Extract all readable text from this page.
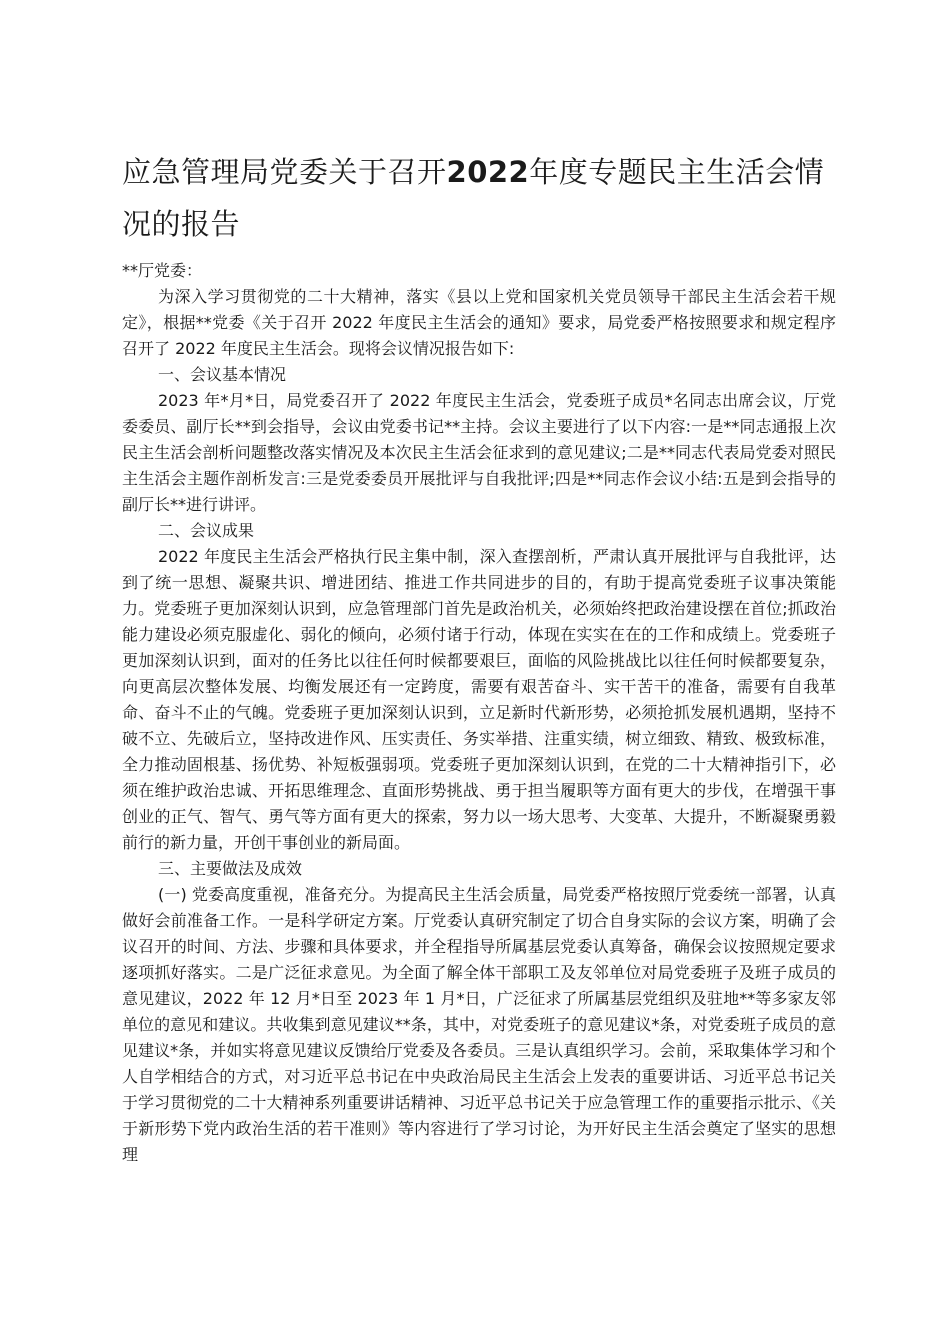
应急管理局党委关于召开2022年度专题民主生活会情况的报告

**厅党委：

为深入学习贯彻党的二十大精神，落实《县以上党和国家机关党员领导干部民主生活会若干规定》，根据**党委《关于召开 2022 年度民主生活会的通知》要求，局党委严格按照要求和规定程序召开了 2022 年度民主生活会。现将会议情况报告如下:

一、会议基本情况

2023 年*月*日，局党委召开了 2022 年度民主生活会，党委班子成员*名同志出席会议，厅党委委员、副厅长**到会指导，会议由党委书记**主持。会议主要进行了以下内容:一是**同志通报上次民主生活会剖析问题整改落实情况及本次民主生活会征求到的意见建议;二是**同志代表局党委对照民主生活会主题作剖析发言:三是党委委员开展批评与自我批评;四是**同志作会议小结:五是到会指导的副厅长**进行讲评。

二、会议成果

2022 年度民主生活会严格执行民主集中制，深入查摆剖析，严肃认真开展批评与自我批评，达到了统一思想、凝聚共识、增进团结、推进工作共同进步的目的，有助于提高党委班子议事决策能力。党委班子更加深刻认识到，应急管理部门首先是政治机关，必须始终把政治建设摆在首位;抓政治能力建设必须克服虚化、弱化的倾向，必须付诸于行动，体现在实实在在的工作和成绩上。党委班子更加深刻认识到，面对的任务比以往任何时候都要艰巨，面临的风险挑战比以往任何时候都要复杂，向更高层次整体发展、均衡发展还有一定跨度，需要有艰苦奋斗、实干苦干的准备，需要有自我革命、奋斗不止的气魄。党委班子更加深刻认识到，立足新时代新形势，必须抢抓发展机遇期，坚持不破不立、先破后立，坚持改进作风、压实责任、务实举措、注重实绩，树立细致、精致、极致标准，全力推动固根基、扬优势、补短板强弱项。党委班子更加深刻认识到，在党的二十大精神指引下，必须在维护政治忠诚、开拓思维理念、直面形势挑战、勇于担当履职等方面有更大的步伐，在增强干事创业的正气、智气、勇气等方面有更大的探索，努力以一场大思考、大变革、大提升，不断凝聚勇毅前行的新力量，开创干事创业的新局面。

三、主要做法及成效

(一) 党委高度重视，准备充分。为提高民主生活会质量，局党委严格按照厅党委统一部署，认真做好会前准备工作。一是科学研定方案。厅党委认真研究制定了切合自身实际的会议方案，明确了会议召开的时间、方法、步骤和具体要求，并全程指导所属基层党委认真筹备，确保会议按照规定要求逐项抓好落实。二是广泛征求意见。为全面了解全体干部职工及友邻单位对局党委班子及班子成员的意见建议，2022 年 12 月*日至 2023 年 1 月*日，广泛征求了所属基层党组织及驻地**等多家友邻单位的意见和建议。共收集到意见建议**条，其中，对党委班子的意见建议*条，对党委班子成员的意见建议*条，并如实将意见建议反馈给厅党委及各委员。三是认真组织学习。会前，采取集体学习和个人自学相结合的方式，对习近平总书记在中央政治局民主生活会上发表的重要讲话、习近平总书记关于学习贯彻党的二十大精神系列重要讲话精神、习近平总书记关于应急管理工作的重要指示批示、《关于新形势下党内政治生活的若干准则》等内容进行了学习讨论，为开好民主生活会奠定了坚实的思想理
